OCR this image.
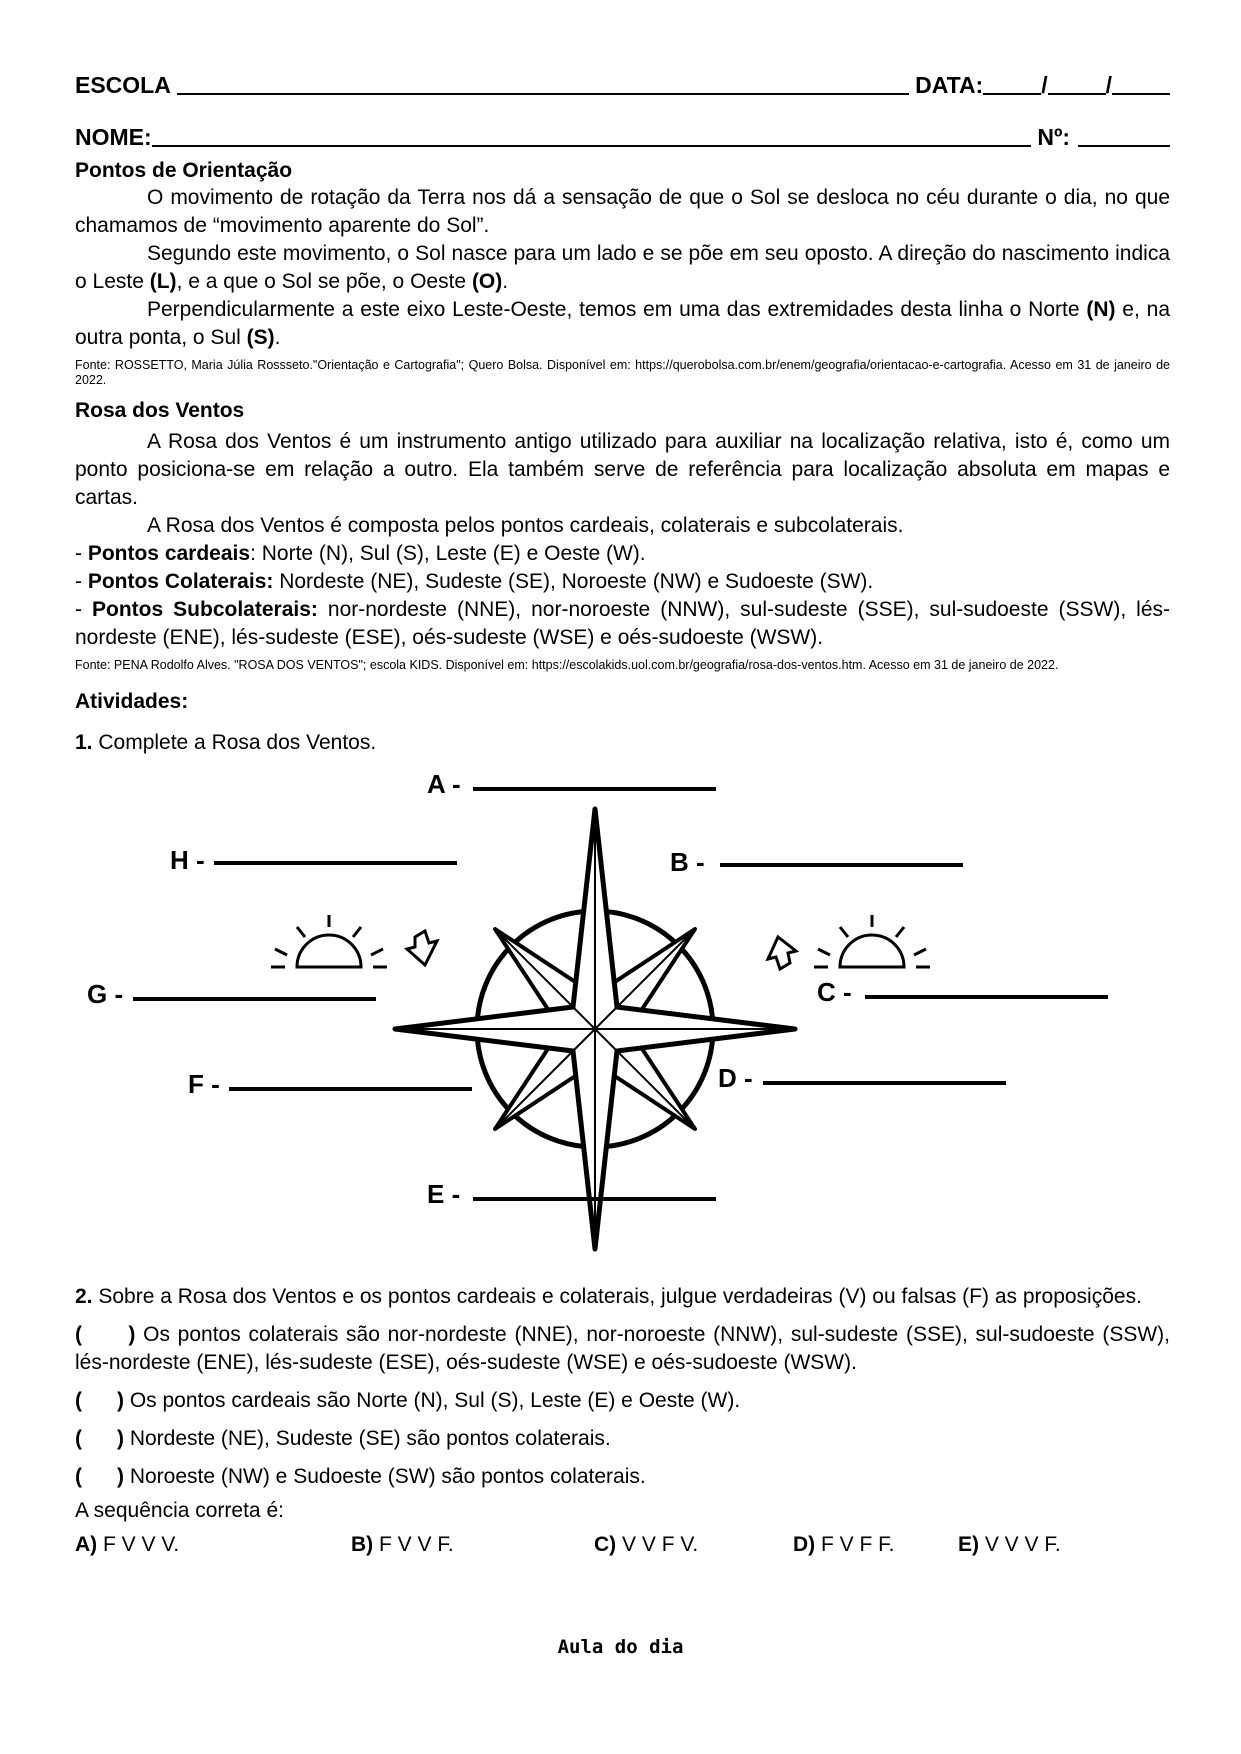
ESCOLA	DATA:	/	/
NOME:	Nº:
Pontos de Orientação

O movimento de rotação da Terra nos dá a sensação de que o Sol se desloca no céu durante o dia, no que chamamos de “movimento aparente do Sol”.

Segundo este movimento, o Sol nasce para um lado e se põe em seu oposto. A direção do nascimento indica o Leste (L), e a que o Sol se põe, o Oeste (O).

Perpendicularmente a este eixo Leste-Oeste, temos em uma das extremidades desta linha o Norte (N) e, na outra ponta, o Sul (S).

Fonte: ROSSETTO, Maria Júlia Rossseto."Orientação e Cartografia"; Quero Bolsa. Disponível em: https://querobolsa.com.br/enem/geografia/orientacao-e-cartografia. Acesso em 31 de janeiro de 2022.

Rosa dos Ventos

A Rosa dos Ventos é um instrumento antigo utilizado para auxiliar na localização relativa, isto é, como um ponto posiciona-se em relação a outro. Ela também serve de referência para localização absoluta em mapas e cartas.

A Rosa dos Ventos é composta pelos pontos cardeais, colaterais e subcolaterais.

- Pontos cardeais: Norte (N), Sul (S), Leste (E) e Oeste (W).

- Pontos Colaterais: Nordeste (NE), Sudeste (SE), Noroeste (NW) e Sudoeste (SW).

- Pontos Subcolaterais: nor-nordeste (NNE), nor-noroeste (NNW), sul-sudeste (SSE), sul-sudoeste (SSW), lés-nordeste (ENE), lés-sudeste (ESE), oés-sudeste (WSE) e oés-sudoeste (WSW).

Fonte: PENA Rodolfo Alves. "ROSA DOS VENTOS"; escola KIDS. Disponível em: https://escolakids.uol.com.br/geografia/rosa-dos-ventos.htm. Acesso em 31 de janeiro de 2022.

Atividades:

1. Complete a Rosa dos Ventos.

A -
H -	B -
G -	C -
F -	D -
E -

2. Sobre a Rosa dos Ventos e os pontos cardeais e colaterais, julgue verdadeiras (V) ou falsas (F) as proposições.

(      ) Os pontos colaterais são nor-nordeste (NNE), nor-noroeste (NNW), sul-sudeste (SSE), sul-sudoeste (SSW), lés-nordeste (ENE), lés-sudeste (ESE), oés-sudeste (WSE) e oés-sudoeste (WSW).

(      ) Os pontos cardeais são Norte (N), Sul (S), Leste (E) e Oeste (W).

(      ) Nordeste (NE), Sudeste (SE) são pontos colaterais.

(      ) Noroeste (NW) e Sudoeste (SW) são pontos colaterais.

A sequência correta é:

A) F V V V.	B) F V V F.	C) V V F V.	D) F V F F.	E) V V V F.
Aula do dia
